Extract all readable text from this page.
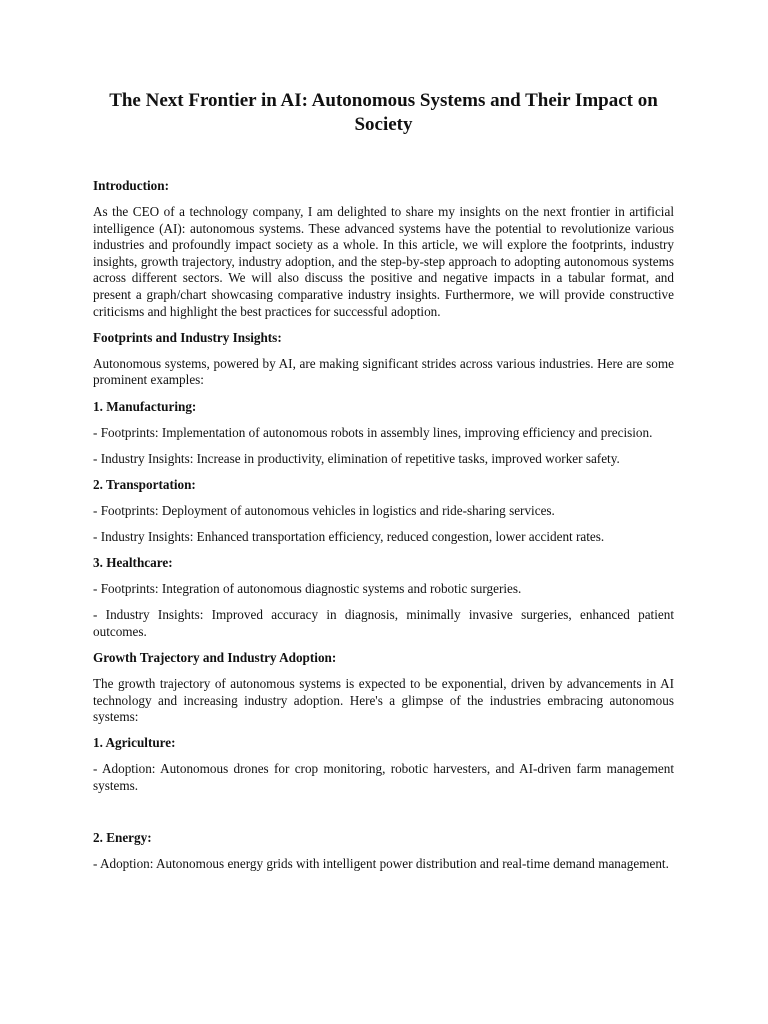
The Next Frontier in AI: Autonomous Systems and Their Impact on Society
Introduction:

As the CEO of a technology company, I am delighted to share my insights on the next frontier in artificial intelligence (AI): autonomous systems. These advanced systems have the potential to revolutionize various industries and profoundly impact society as a whole. In this article, we will explore the footprints, industry insights, growth trajectory, industry adoption, and the step-by-step approach to adopting autonomous systems across different sectors. We will also discuss the positive and negative impacts in a tabular format, and present a graph/chart showcasing comparative industry insights. Furthermore, we will provide constructive criticisms and highlight the best practices for successful adoption.

Footprints and Industry Insights:

Autonomous systems, powered by AI, are making significant strides across various industries. Here are some prominent examples:

1. Manufacturing:

- Footprints: Implementation of autonomous robots in assembly lines, improving efficiency and precision.

- Industry Insights: Increase in productivity, elimination of repetitive tasks, improved worker safety.

2. Transportation:

- Footprints: Deployment of autonomous vehicles in logistics and ride-sharing services.

- Industry Insights: Enhanced transportation efficiency, reduced congestion, lower accident rates.

3. Healthcare:

- Footprints: Integration of autonomous diagnostic systems and robotic surgeries.

- Industry Insights: Improved accuracy in diagnosis, minimally invasive surgeries, enhanced patient outcomes.

Growth Trajectory and Industry Adoption:

The growth trajectory of autonomous systems is expected to be exponential, driven by advancements in AI technology and increasing industry adoption. Here's a glimpse of the industries embracing autonomous systems:

1. Agriculture:

- Adoption: Autonomous drones for crop monitoring, robotic harvesters, and AI-driven farm management systems.

2. Energy:

- Adoption: Autonomous energy grids with intelligent power distribution and real-time demand management.
